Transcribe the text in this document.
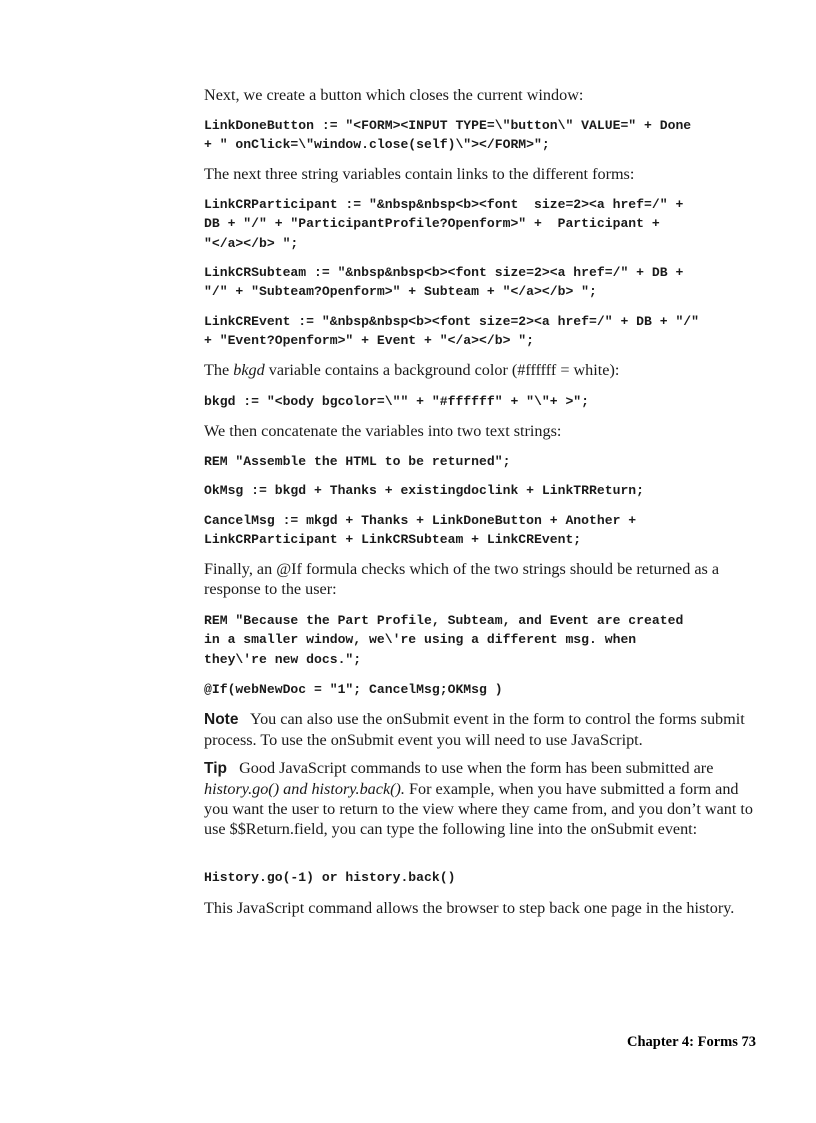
Next, we create a button which closes the current window:

LinkDoneButton := "<FORM><INPUT TYPE=\"button\" VALUE=" + Done
+ " onClick=\"window.close(self)\"></FORM>";

The next three string variables contain links to the different forms:

LinkCRParticipant := "&nbsp&nbsp<b><font  size=2><a href=/" +
DB + "/" + "ParticipantProfile?Openform>" +  Participant +
"</a></b> ";
LinkCRSubteam := "&nbsp&nbsp<b><font size=2><a href=/" + DB +
"/" + "Subteam?Openform>" + Subteam + "</a></b> ";
LinkCREvent := "&nbsp&nbsp<b><font size=2><a href=/" + DB + "/"
+ "Event?Openform>" + Event + "</a></b> ";

The bkgd variable contains a background color (#ffffff = white):

bkgd := "<body bgcolor=\"" + "#ffffff" + "\"+ >";

We then concatenate the variables into two text strings:

REM "Assemble the HTML to be returned";
OkMsg := bkgd + Thanks + existingdoclink + LinkTRReturn;
CancelMsg := mkgd + Thanks + LinkDoneButton + Another +
LinkCRParticipant + LinkCRSubteam + LinkCREvent;

Finally, an @If formula checks which of the two strings should be returned as a response to the user:

REM "Because the Part Profile, Subteam, and Event are created
in a smaller window, we\'re using a different msg. when
they\'re new docs.";
@If(webNewDoc = "1"; CancelMsg;OKMsg )

Note You can also use the onSubmit event in the form to control the forms submit process. To use the onSubmit event you will need to use JavaScript.

Tip Good JavaScript commands to use when the form has been submitted are history.go() and history.back(). For example, when you have submitted a form and you want the user to return to the view where they came from, and you don’t want to use $$Return.field, you can type the following line into the onSubmit event:

History.go(-1) or history.back()

This JavaScript command allows the browser to step back one page in the history.

Chapter 4: Forms 73
